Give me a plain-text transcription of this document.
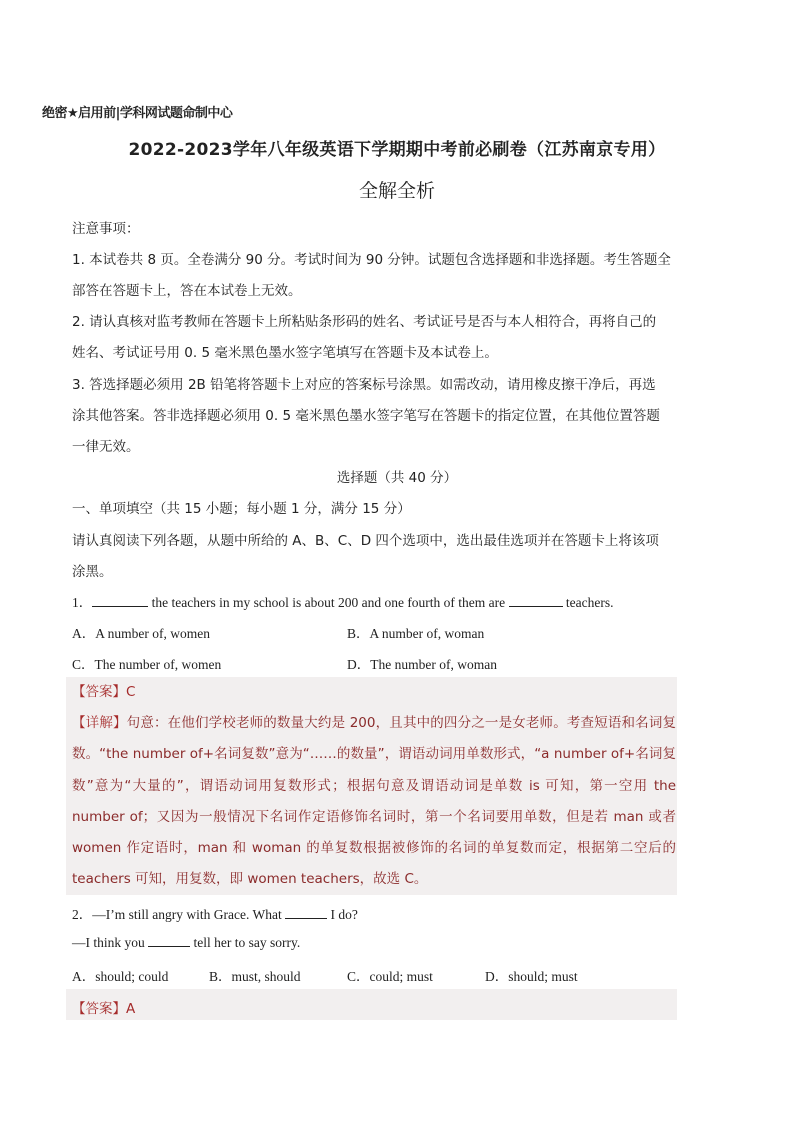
绝密★启用前|学科网试题命制中心
2022-2023学年八年级英语下学期期中考前必刷卷（江苏南京专用）
全解全析
注意事项：
1. 本试卷共 8 页。全卷满分 90 分。考试时间为 90 分钟。试题包含选择题和非选择题。考生答题全
部答在答题卡上，答在本试卷上无效。
2. 请认真核对监考教师在答题卡上所粘贴条形码的姓名、考试证号是否与本人相符合，再将自己的
姓名、考试证号用 0. 5 毫米黑色墨水签字笔填写在答题卡及本试卷上。
3. 答选择题必须用 2B 铅笔将答题卡上对应的答案标号涂黑。如需改动，请用橡皮擦干净后，再选
涂其他答案。答非选择题必须用 0. 5 毫米黑色墨水签字笔写在答题卡的指定位置，在其他位置答题
一律无效。
选择题（共 40 分）
一、单项填空（共 15 小题；每小题 1 分，满分 15 分）
请认真阅读下列各题，从题中所给的 A、B、C、D 四个选项中，选出最佳选项并在答题卡上将该项
涂黑。
1．	the teachers in my school is about 200 and one fourth of them are	teachers.
A．A number of, women	B．A number of, woman
C．The number of, women	D．The number of, woman
【答案】C
【详解】句意：在他们学校老师的数量大约是 200，且其中的四分之一是女老师。考查短语和名词复数。“the number of+名词复数”意为“……的数量”，谓语动词用单数形式，“a number of+名词复数”意为“大量的”，谓语动词用复数形式；根据句意及谓语动词是单数 is 可知，第一空用 the number of；又因为一般情况下名词作定语修饰名词时，第一个名词要用单数，但是若 man 或者 women 作定语时，man 和 woman 的单复数根据被修饰的名词的单复数而定，根据第二空后的 teachers 可知，用复数，即 women teachers，故选 C。
2．—I’m still angry with Grace. What	I do?
—I think you	tell her to say sorry.
A．should; could	B．must, should	C．could; must	D．should; must
【答案】A
